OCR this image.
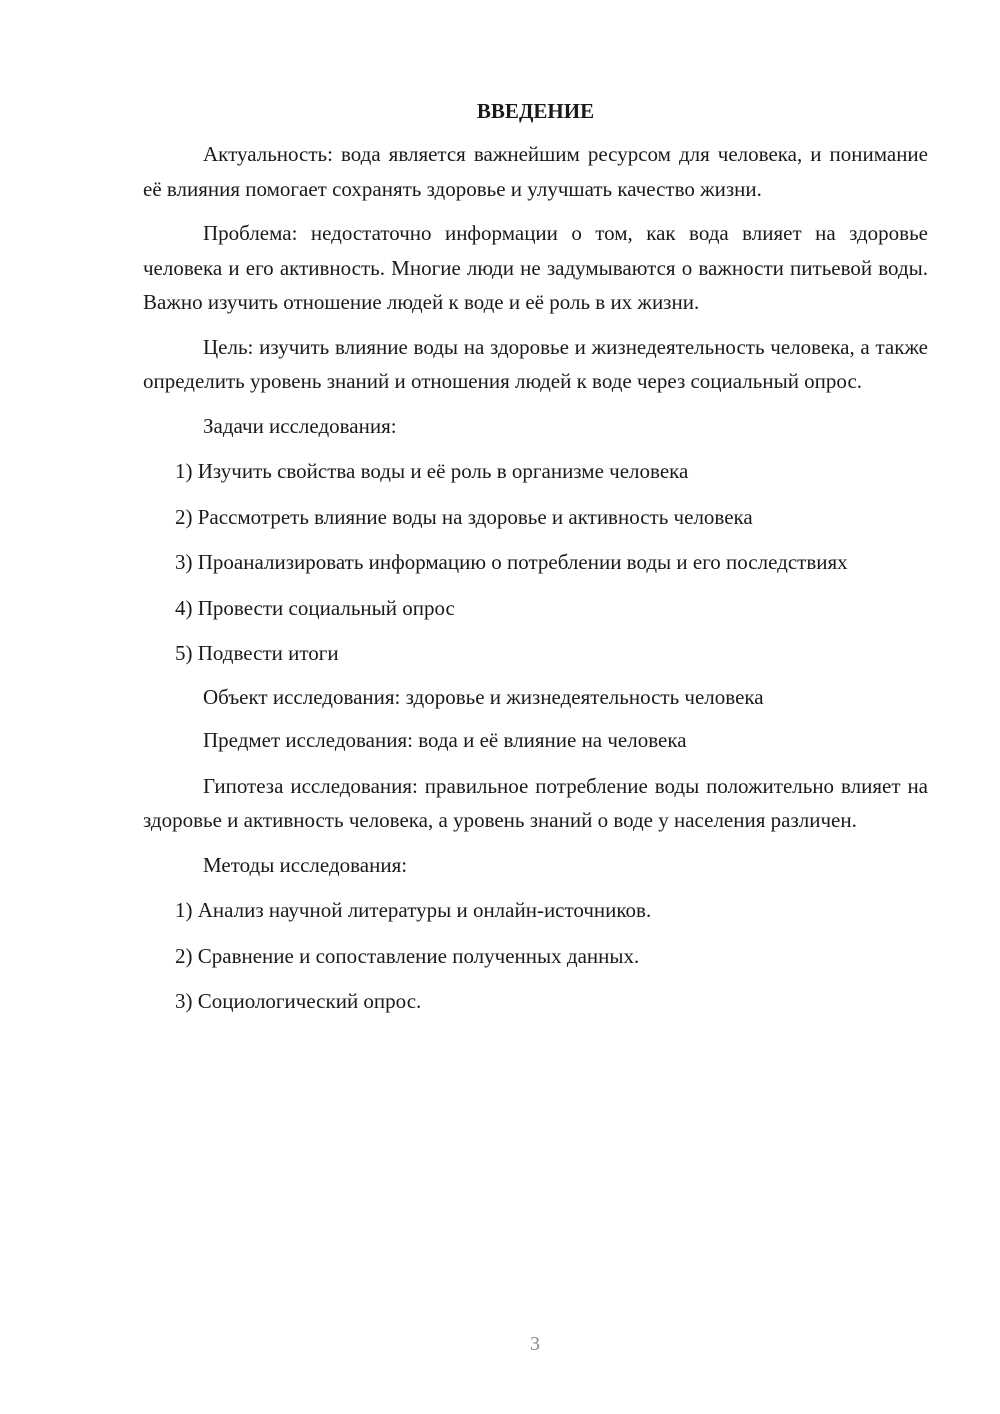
ВВЕДЕНИЕ

Актуальность: вода является важнейшим ресурсом для человека, и понимание её влияния помогает сохранять здоровье и улучшать качество жизни.

Проблема: недостаточно информации о том, как вода влияет на здоровье человека и его активность. Многие люди не задумываются о важности питьевой воды. Важно изучить отношение людей к воде и её роль в их жизни.

Цель: изучить влияние воды на здоровье и жизнедеятельность человека, а также определить уровень знаний и отношения людей к воде через социальный опрос.

Задачи исследования:

1) Изучить свойства воды и её роль в организме человека

2) Рассмотреть влияние воды на здоровье и активность человека

3) Проанализировать информацию о потреблении воды и его последствиях

4) Провести социальный опрос

5) Подвести итоги

Объект исследования: здоровье и жизнедеятельность человека

Предмет исследования: вода и её влияние на человека

Гипотеза исследования: правильное потребление воды положительно влияет на здоровье и активность человека, а уровень знаний о воде у населения различен.

Методы исследования:

1) Анализ научной литературы и онлайн-источников.

2) Сравнение и сопоставление полученных данных.

3) Социологический опрос.

3
